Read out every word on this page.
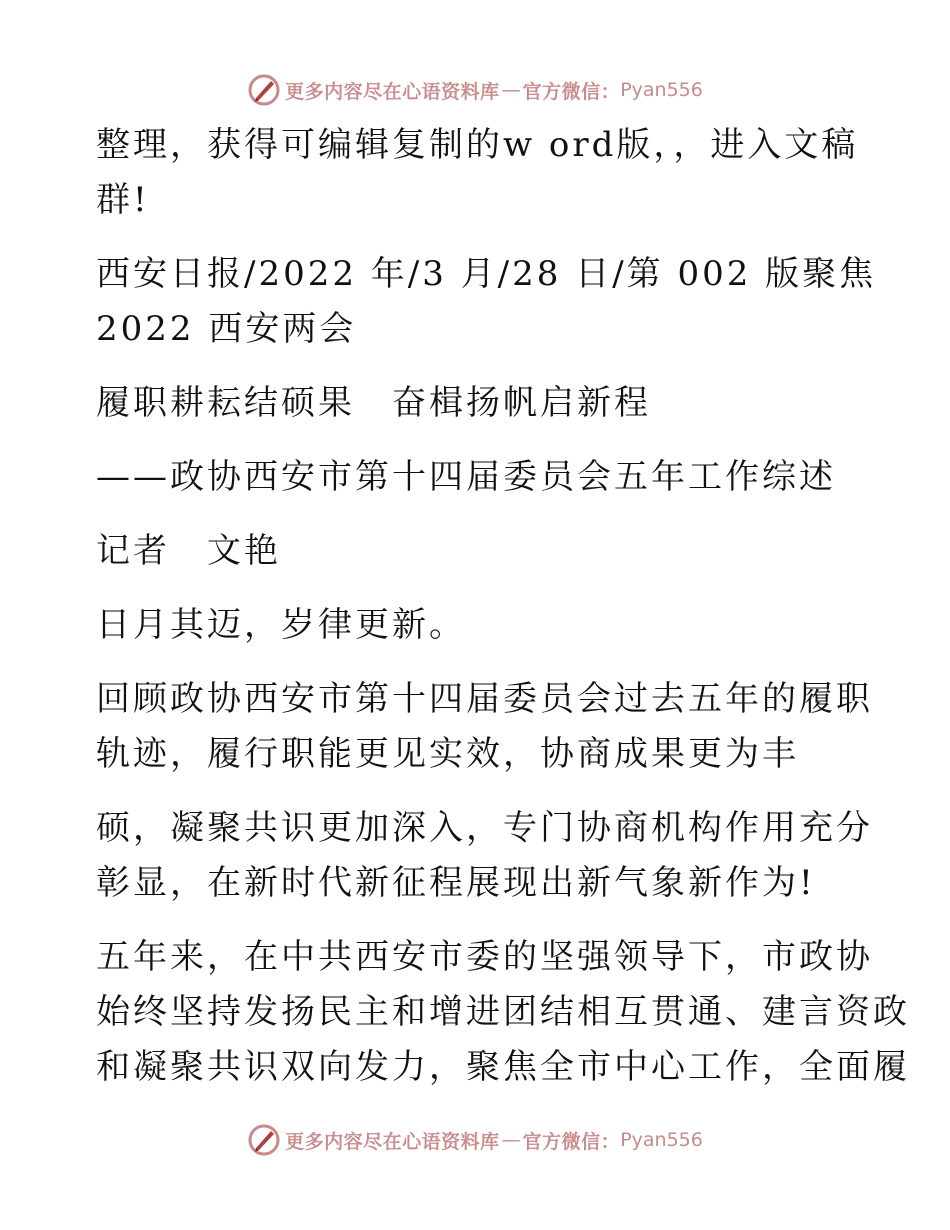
更多内容尽在心语资料库 — 官方微信： Pyan556

整理，获得可编辑复制的w ord版，，进入文稿
群!

西安日报/2022 年/3 月/28 日/第 002 版聚焦
2022 西安两会

履职耕耘结硕果　奋楫扬帆启新程

——政协西安市第十四届委员会五年工作综述

记者　文艳

日月其迈，岁律更新。

回顾政协西安市第十四届委员会过去五年的履职
轨迹，履行职能更见实效，协商成果更为丰

硕，凝聚共识更加深入，专门协商机构作用充分
彰显，在新时代新征程展现出新气象新作为!

五年来，在中共西安市委的坚强领导下，市政协
始终坚持发扬民主和增进团结相互贯通、建言资政
和凝聚共识双向发力，聚焦全市中心工作，全面履

更多内容尽在心语资料库 — 官方微信： Pyan556
